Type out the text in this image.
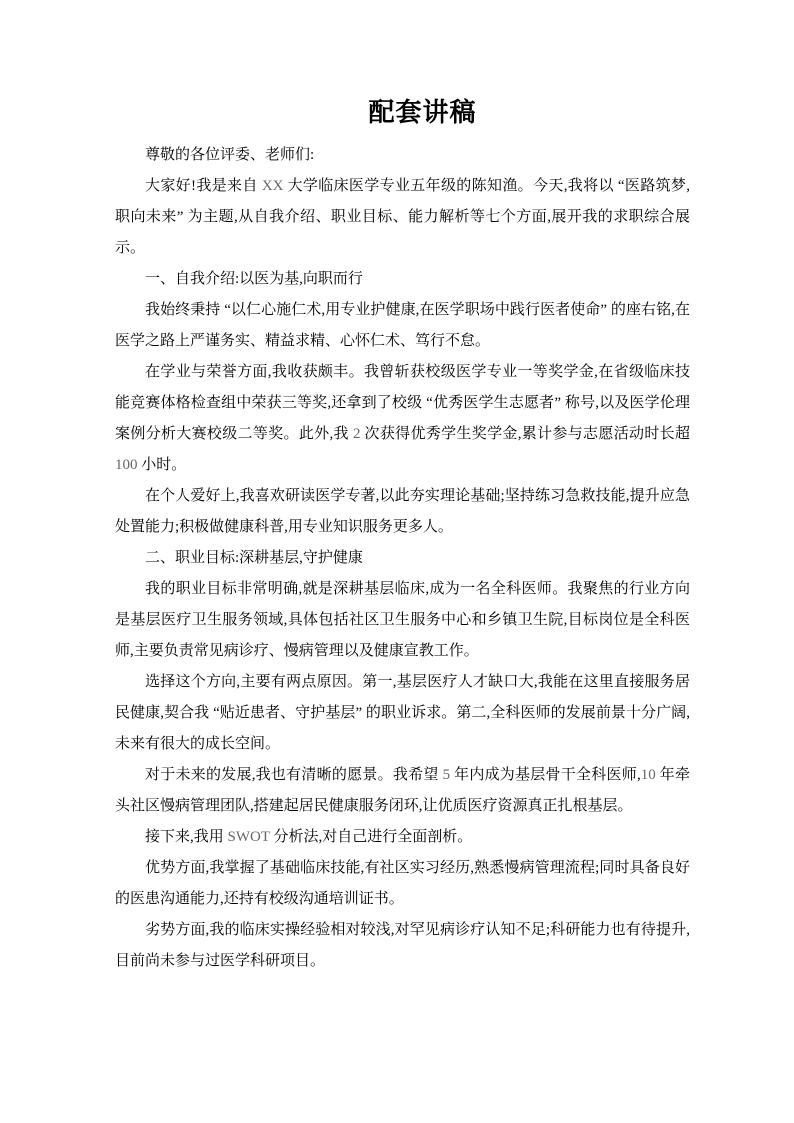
配套讲稿

尊敬的各位评委、老师们:

大家好!我是来自 XX 大学临床医学专业五年级的陈知渔。今天,我将以 “医路筑梦,职向未来” 为主题,从自我介绍、职业目标、能力解析等七个方面,展开我的求职综合展示。

一、自我介绍:以医为基,向职而行

我始终秉持 “以仁心施仁术,用专业护健康,在医学职场中践行医者使命” 的座右铭,在医学之路上严谨务实、精益求精、心怀仁术、笃行不怠。

在学业与荣誉方面,我收获颇丰。我曾斩获校级医学专业一等奖学金,在省级临床技能竞赛体格检查组中荣获三等奖,还拿到了校级 “优秀医学生志愿者” 称号,以及医学伦理案例分析大赛校级二等奖。此外,我 2 次获得优秀学生奖学金,累计参与志愿活动时长超 100 小时。

在个人爱好上,我喜欢研读医学专著,以此夯实理论基础;坚持练习急救技能,提升应急处置能力;积极做健康科普,用专业知识服务更多人。

二、职业目标:深耕基层,守护健康

我的职业目标非常明确,就是深耕基层临床,成为一名全科医师。我聚焦的行业方向是基层医疗卫生服务领域,具体包括社区卫生服务中心和乡镇卫生院,目标岗位是全科医师,主要负责常见病诊疗、慢病管理以及健康宣教工作。

选择这个方向,主要有两点原因。第一,基层医疗人才缺口大,我能在这里直接服务居民健康,契合我 “贴近患者、守护基层” 的职业诉求。第二,全科医师的发展前景十分广阔,未来有很大的成长空间。

对于未来的发展,我也有清晰的愿景。我希望 5 年内成为基层骨干全科医师,10 年牵头社区慢病管理团队,搭建起居民健康服务闭环,让优质医疗资源真正扎根基层。

接下来,我用 SWOT 分析法,对自己进行全面剖析。

优势方面,我掌握了基础临床技能,有社区实习经历,熟悉慢病管理流程;同时具备良好的医患沟通能力,还持有校级沟通培训证书。

劣势方面,我的临床实操经验相对较浅,对罕见病诊疗认知不足;科研能力也有待提升,目前尚未参与过医学科研项目。
